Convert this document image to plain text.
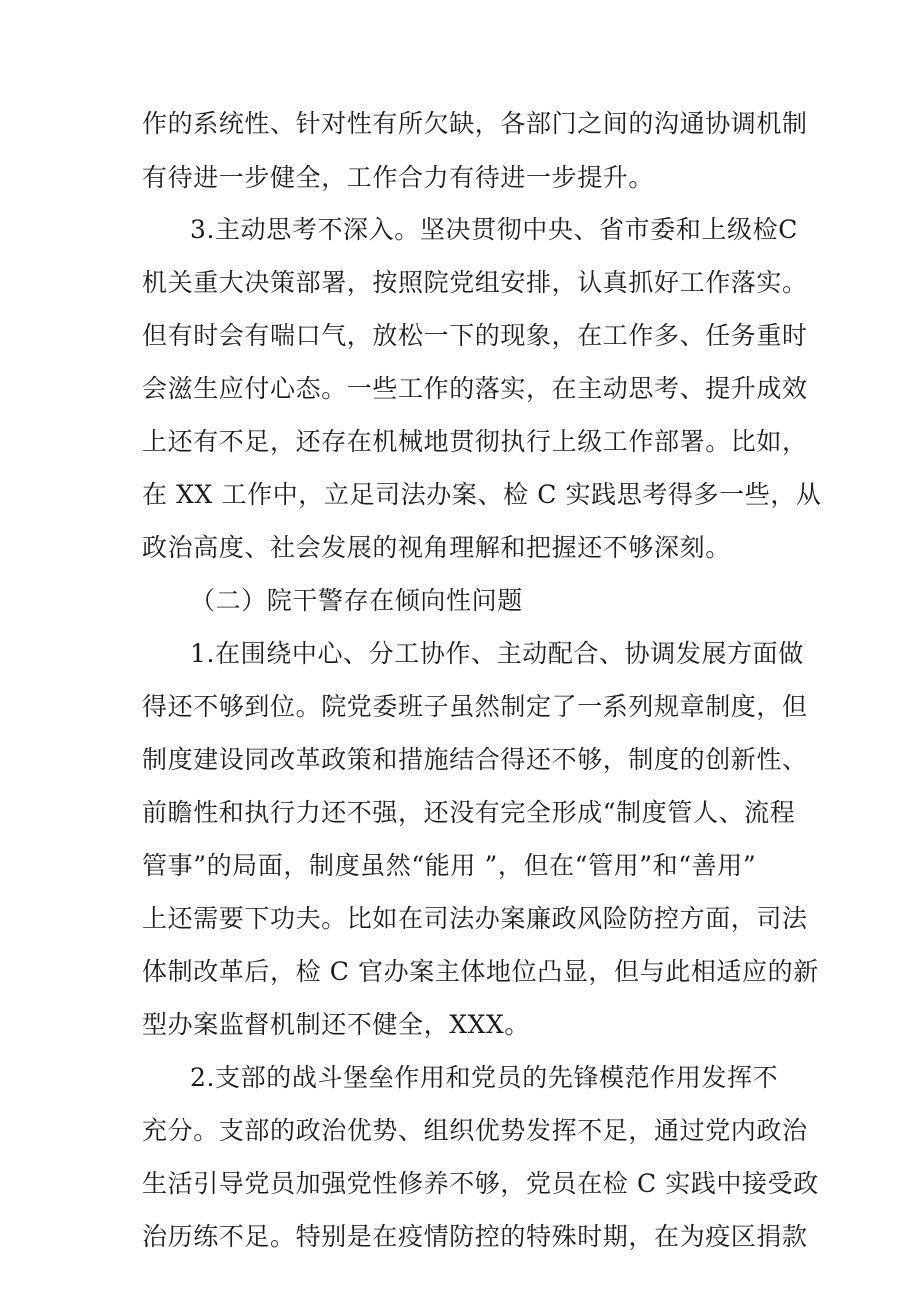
作的系统性、针对性有所欠缺，各部门之间的沟通协调机制
有待进一步健全，工作合力有待进一步提升。
3.主动思考不深入。坚决贯彻中央、省市委和上级检C
机关重大决策部署，按照院党组安排，认真抓好工作落实。
但有时会有喘口气，放松一下的现象，在工作多、任务重时
会滋生应付心态。一些工作的落实，在主动思考、提升成效
上还有不足，还存在机械地贯彻执行上级工作部署。比如，
在 XX 工作中，立足司法办案、检 C 实践思考得多一些，从
政治高度、社会发展的视角理解和把握还不够深刻。
（二）院干警存在倾向性问题
1.在围绕中心、分工协作、主动配合、协调发展方面做
得还不够到位。院党委班子虽然制定了一系列规章制度，但
制度建设同改革政策和措施结合得还不够，制度的创新性、
前瞻性和执行力还不强，还没有完全形成“制度管人、流程
管事”的局面，制度虽然“能用 ”，但在“管用”和“善用”
上还需要下功夫。比如在司法办案廉政风险防控方面，司法
体制改革后，检 C 官办案主体地位凸显，但与此相适应的新
型办案监督机制还不健全，XXX。
2.支部的战斗堡垒作用和党员的先锋模范作用发挥不
充分。支部的政治优势、组织优势发挥不足，通过党内政治
生活引导党员加强党性修养不够，党员在检 C 实践中接受政
治历练不足。特别是在疫情防控的特殊时期，在为疫区捐款
